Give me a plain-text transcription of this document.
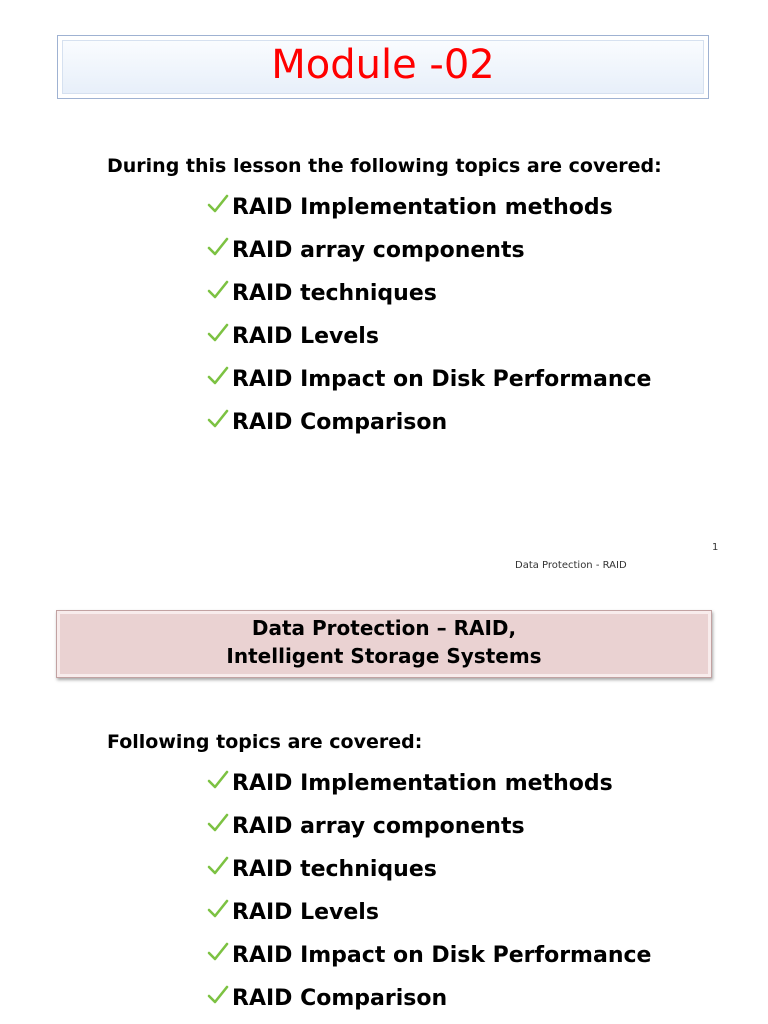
Module -02
During this lesson the following topics are covered:
RAID Implementation methods
RAID array components
RAID techniques
RAID Levels
RAID Impact on Disk Performance
RAID Comparison
1
Data Protection - RAID
Data Protection – RAID,
Intelligent Storage Systems
Following topics are covered:
RAID Implementation methods
RAID array components
RAID techniques
RAID Levels
RAID Impact on Disk Performance
RAID Comparison
